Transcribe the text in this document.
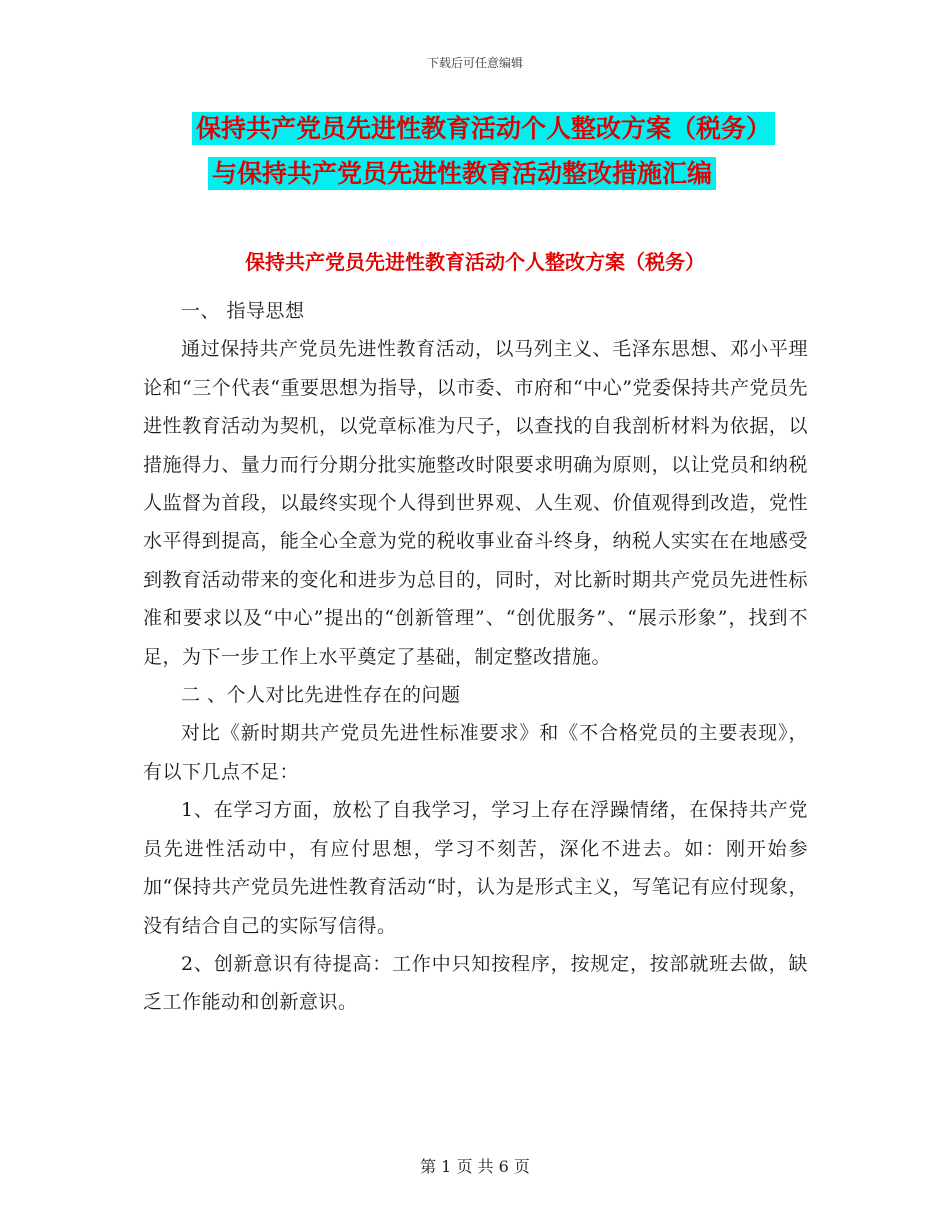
下载后可任意编辑
保持共产党员先进性教育活动个人整改方案（税务）
与保持共产党员先进性教育活动整改措施汇编
保持共产党员先进性教育活动个人整改方案（税务）

一、 指导思想

通过保持共产党员先进性教育活动，以马列主义、毛泽东思想、邓小平理论和“三个代表“重要思想为指导，以市委、市府和“中心”党委保持共产党员先进性教育活动为契机，以党章标准为尺子，以查找的自我剖析材料为依据，以措施得力、量力而行分期分批实施整改时限要求明确为原则，以让党员和纳税人监督为首段，以最终实现个人得到世界观、人生观、价值观得到改造，党性水平得到提高，能全心全意为党的税收事业奋斗终身，纳税人实实在在地感受到教育活动带来的变化和进步为总目的，同时，对比新时期共产党员先进性标准和要求以及“中心”提出的“创新管理”、“创优服务”、“展示形象”，找到不足，为下一步工作上水平奠定了基础，制定整改措施。

二 、个人对比先进性存在的问题

对比《新时期共产党员先进性标准要求》和《不合格党员的主要表现》，有以下几点不足：

1、在学习方面，放松了自我学习，学习上存在浮躁情绪，在保持共产党员先进性活动中，有应付思想，学习不刻苦，深化不进去。如：刚开始参加“保持共产党员先进性教育活动“时，认为是形式主义，写笔记有应付现象，没有结合自己的实际写信得。

2、创新意识有待提高：工作中只知按程序，按规定，按部就班去做，缺乏工作能动和创新意识。

第 1 页 共 6 页
